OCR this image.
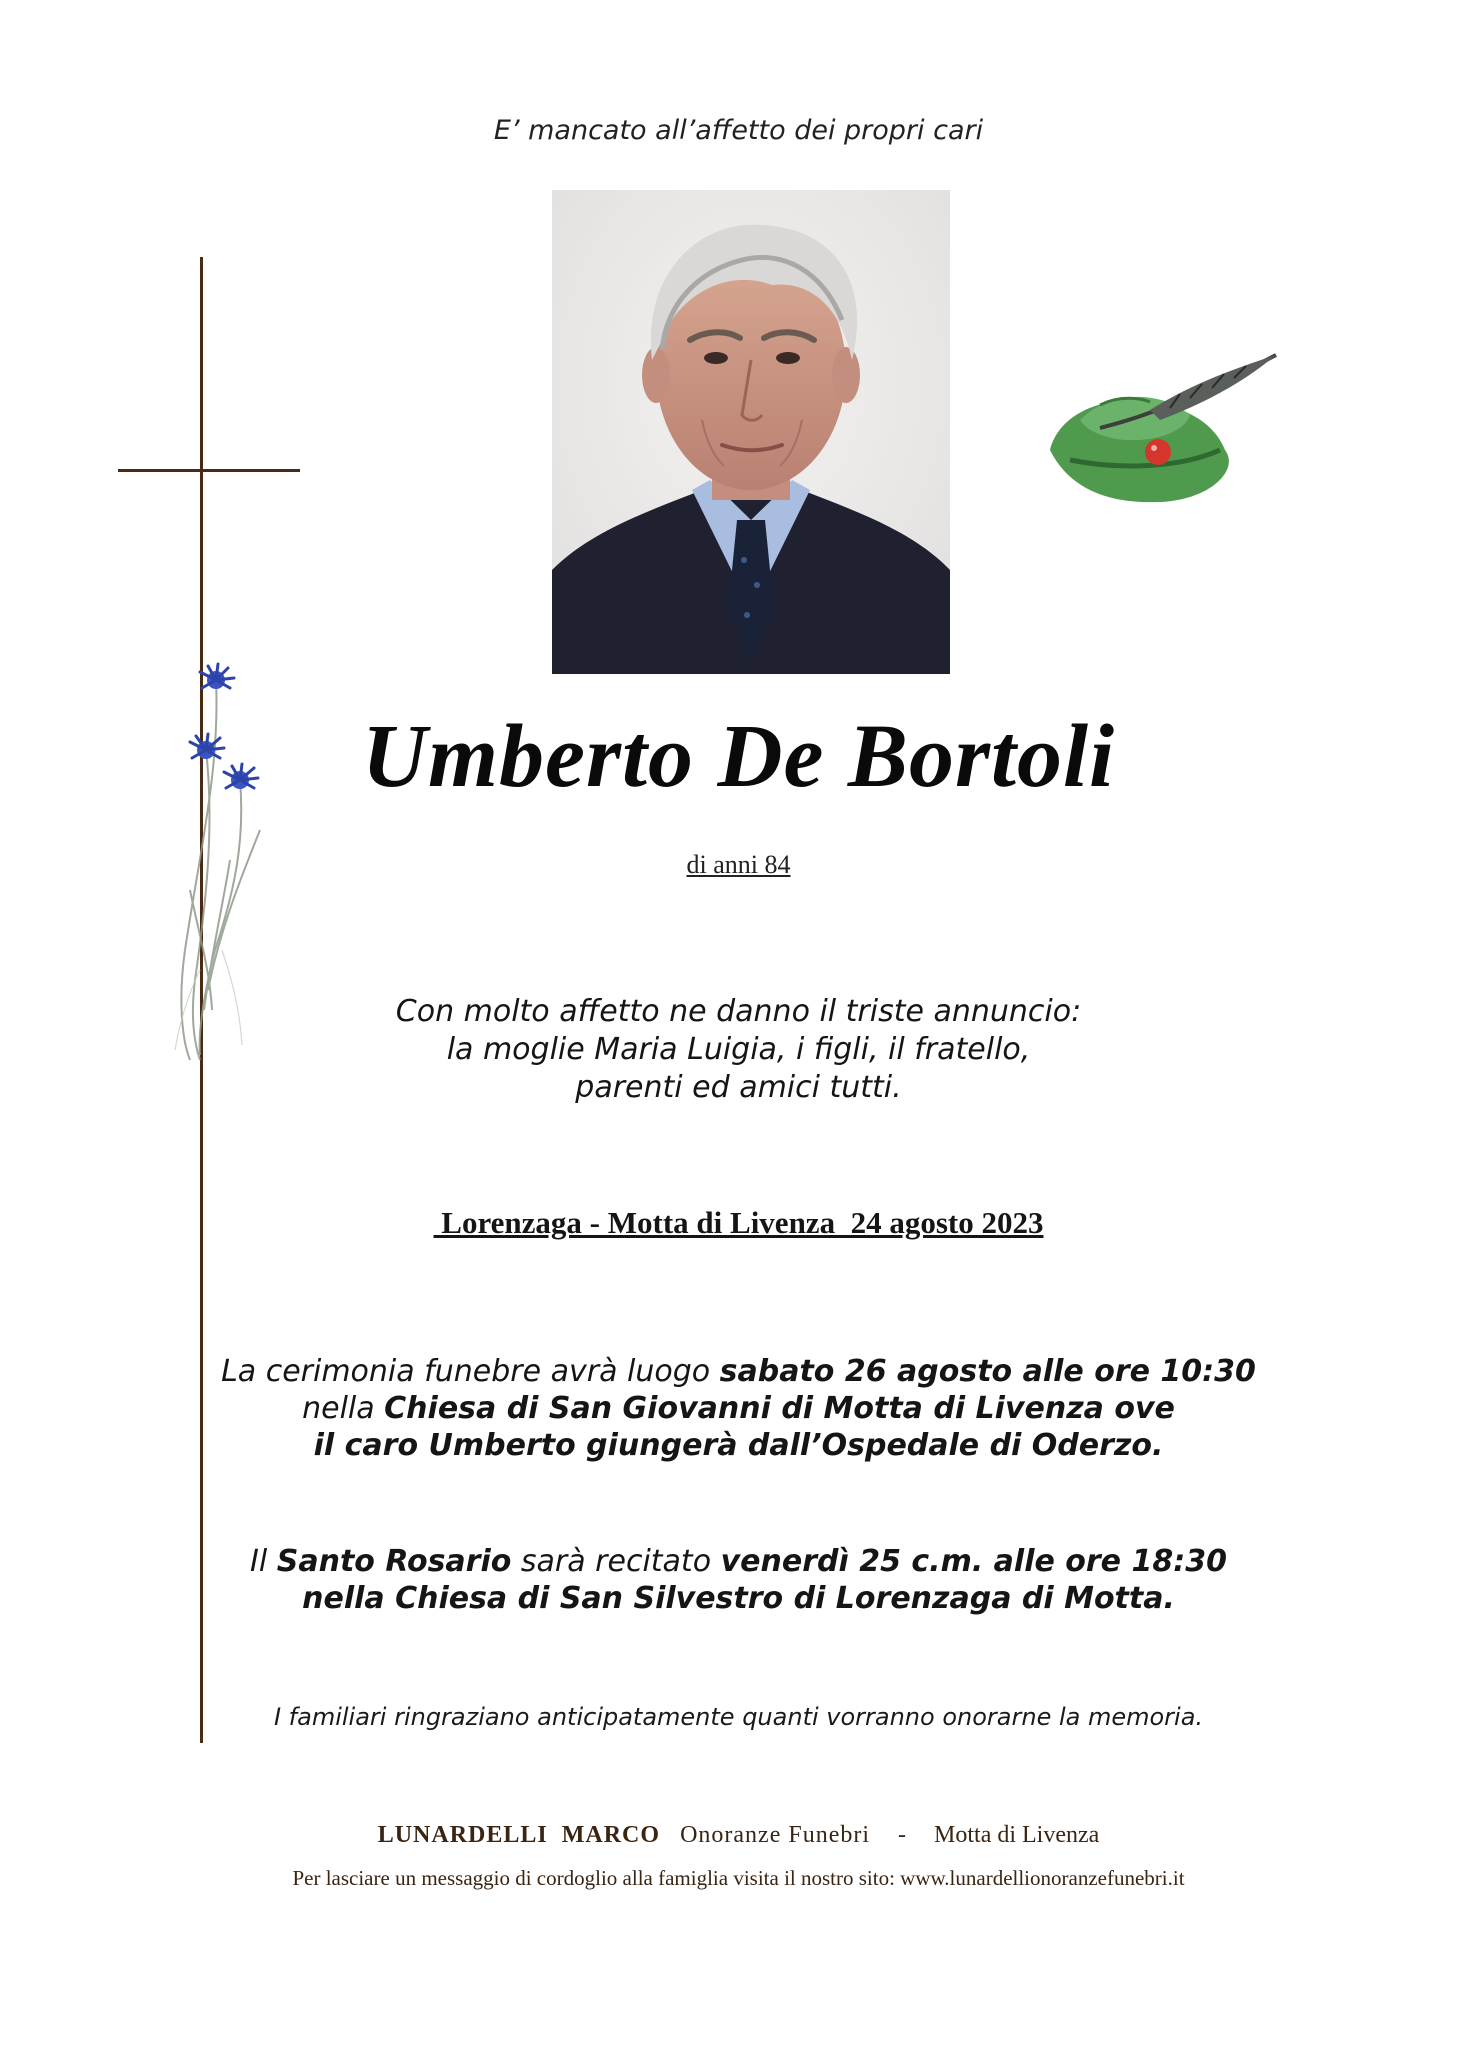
E’ mancato all’affetto dei propri cari
Umberto De Bortoli
di anni 84
Con molto affetto ne danno il triste annuncio:
la moglie Maria Luigia, i figli, il fratello,
parenti ed amici tutti.
Lorenzaga - Motta di Livenza  24 agosto 2023
La cerimonia funebre avrà luogo sabato 26 agosto alle ore 10:30
nella Chiesa di San Giovanni di Motta di Livenza ove
il caro Umberto giungerà dall’Ospedale di Oderzo.
Il Santo Rosario sarà recitato venerdì 25 c.m. alle ore 18:30
nella Chiesa di San Silvestro di Lorenzaga di Motta.
I familiari ringraziano anticipatamente quanti vorranno onorarne la memoria.
LUNARDELLI  MARCO Onoranze Funebri - Motta di Livenza
Per lasciare un messaggio di cordoglio alla famiglia visita il nostro sito: www.lunardellionoranzefunebri.it
